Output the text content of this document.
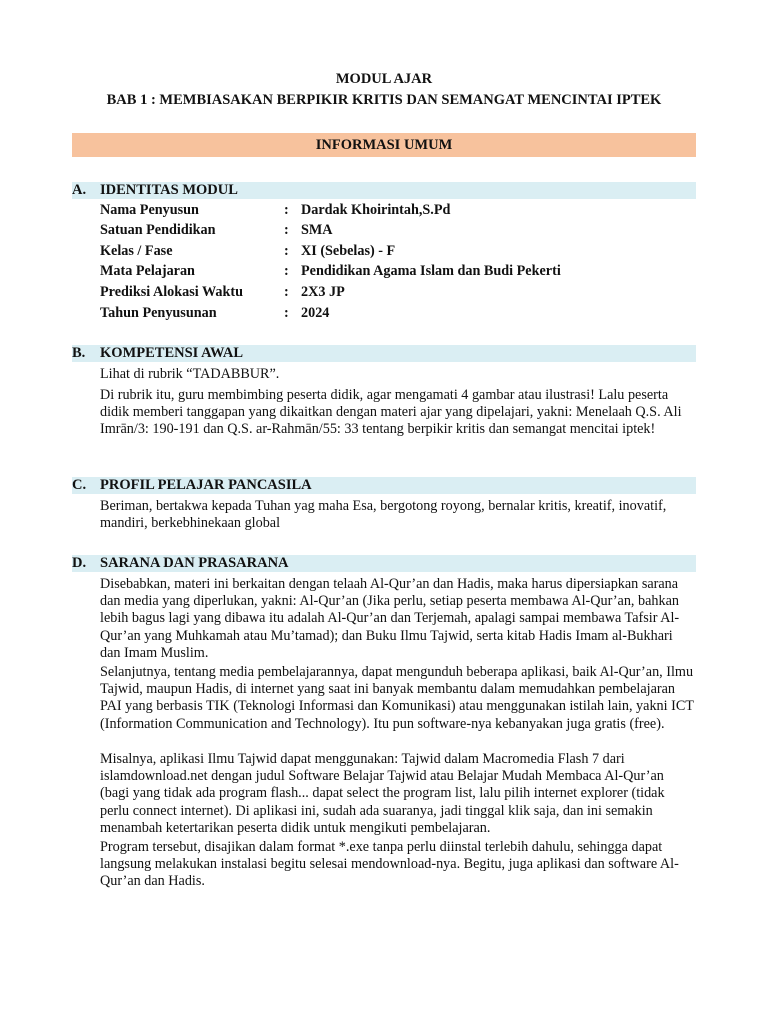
MODUL AJAR
BAB 1 : MEMBIASAKAN BERPIKIR KRITIS DAN SEMANGAT MENCINTAI IPTEK
INFORMASI UMUM
A. IDENTITAS MODUL
Nama Penyusun	: Dardak Khoirintah,S.Pd
Satuan Pendidikan	: SMA
Kelas / Fase	: XI (Sebelas) - F
Mata Pelajaran	: Pendidikan Agama Islam dan Budi Pekerti
Prediksi Alokasi Waktu	: 2X3 JP
Tahun Penyusunan	: 2024
B. KOMPETENSI AWAL
Lihat di rubrik “TADABBUR”.
Di rubrik itu, guru membimbing peserta didik, agar mengamati 4 gambar atau ilustrasi! Lalu peserta didik memberi tanggapan yang dikaitkan dengan materi ajar yang dipelajari, yakni: Menelaah Q.S. Ali Imrān/3: 190-191 dan Q.S. ar-Rahmān/55: 33 tentang berpikir kritis dan semangat mencitai iptek!
C. PROFIL PELAJAR PANCASILA
Beriman, bertakwa kepada Tuhan yag maha Esa, bergotong royong, bernalar kritis, kreatif, inovatif, mandiri, berkebhinekaan global
D. SARANA DAN PRASARANA
Disebabkan, materi ini berkaitan dengan telaah Al-Qur’an dan Hadis, maka harus dipersiapkan sarana dan media yang diperlukan, yakni: Al-Qur’an (Jika perlu, setiap peserta membawa Al-Qur’an, bahkan lebih bagus lagi yang dibawa itu adalah Al-Qur’an dan Terjemah, apalagi sampai membawa Tafsir Al-Qur’an yang Muhkamah atau Mu’tamad); dan Buku Ilmu Tajwid, serta kitab Hadis Imam al-Bukhari dan Imam Muslim.
Selanjutnya, tentang media pembelajarannya, dapat mengunduh beberapa aplikasi, baik Al-Qur’an, Ilmu Tajwid, maupun Hadis, di internet yang saat ini banyak membantu dalam memudahkan pembelajaran PAI yang berbasis TIK (Teknologi Informasi dan Komunikasi) atau menggunakan istilah lain, yakni ICT (Information Communication and Technology). Itu pun software-nya kebanyakan juga gratis (free).
Misalnya, aplikasi Ilmu Tajwid dapat menggunakan: Tajwid dalam Macromedia Flash 7 dari islamdownload.net dengan judul Software Belajar Tajwid atau Belajar Mudah Membaca Al-Qur’an (bagi yang tidak ada program flash... dapat select the program list, lalu pilih internet explorer (tidak perlu connect internet). Di aplikasi ini, sudah ada suaranya, jadi tinggal klik saja, dan ini semakin menambah ketertarikan peserta didik untuk mengikuti pembelajaran.
Program tersebut, disajikan dalam format *.exe tanpa perlu diinstal terlebih dahulu, sehingga dapat langsung melakukan instalasi begitu selesai mendownload-nya. Begitu, juga aplikasi dan software Al-Qur’an dan Hadis.
